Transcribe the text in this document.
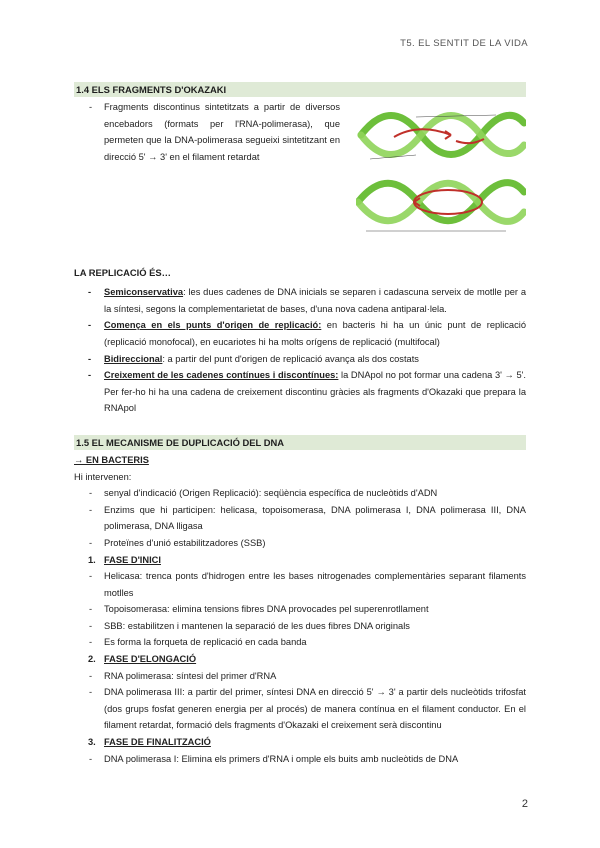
T5. EL SENTIT DE LA VIDA
1.4 ELS FRAGMENTS D'OKAZAKI
- Fragments discontinus sintetitzats a partir de diversos encebadors (formats per l'RNA-polimerasa), que permeten que la DNA-polimerasa segueixi sintetitzant en direcció 5' → 3' en el filament retardat
LA REPLICACIÓ ÉS…
- Semiconservativa: les dues cadenes de DNA inicials se separen i cadascuna serveix de motlle per a la síntesi, segons la complementarietat de bases, d'una nova cadena antiparal·lela.
- Comença en els punts d'origen de replicació: en bacteris hi ha un únic punt de replicació (replicació monofocal), en eucariotes hi ha molts orígens de replicació (multifocal)
- Bidireccional: a partir del punt d'origen de replicació avança als dos costats
- Creixement de les cadenes contínues i discontínues: la DNApol no pot formar una cadena 3' → 5'. Per fer-ho hi ha una cadena de creixement discontinu gràcies als fragments d'Okazaki que prepara la RNApol
1.5 EL MECANISME DE DUPLICACIÓ DEL DNA
→ EN BACTERIS
Hi intervenen:
- senyal d'indicació (Origen Replicació): seqüència específica de nucleòtids d'ADN
- Enzims que hi participen: helicasa, topoisomerasa, DNA polimerasa I, DNA polimerasa III, DNA polimerasa, DNA lligasa
- Proteïnes d'unió estabilitzadores (SSB)
1. FASE D'INICI
- Helicasa: trenca ponts d'hidrogen entre les bases nitrogenades complementàries separant filaments motlles
- Topoisomerasa: elimina tensions fibres DNA provocades pel superenrotllament
- SBB: estabilitzen i mantenen la separació de les dues fibres DNA originals
- Es forma la forqueta de replicació en cada banda
2. FASE D'ELONGACIÓ
- RNA polimerasa: síntesi del primer d'RNA
- DNA polimerasa III: a partir del primer, síntesi DNA en direcció 5' → 3' a partir dels nucleòtids trifosfat (dos grups fosfat generen energia per al procés) de manera contínua en el filament conductor. En el filament retardat, formació dels fragments d'Okazaki el creixement serà discontinu
3. FASE DE FINALITZACIÓ
- DNA polimerasa I: Elimina els primers d'RNA i omple els buits amb nucleòtids de DNA
2
